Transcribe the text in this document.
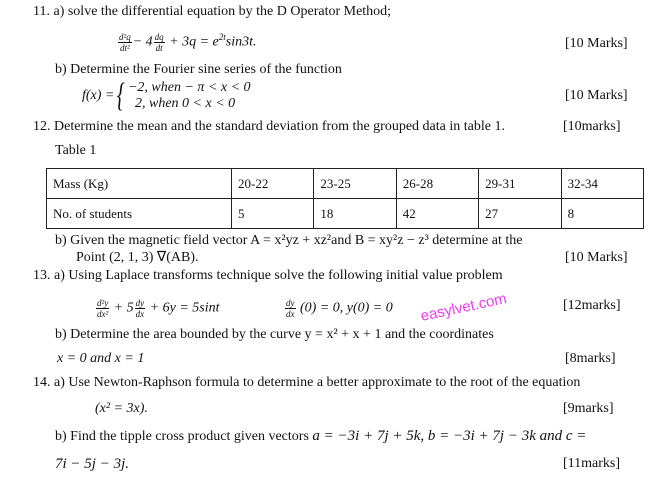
11. a) solve the differential equation by the D Operator Method;
$\frac{\text{d²q}}{\text{dt²}} - 4 \frac{dq}{dt} + 3q = e^{2t}\sin 3t$.	[10 Marks]
b) Determine the Fourier sine series of the function
f(x) ={ −2, when − π < x < 0
2, when 0 < x < 0
[10 Marks]
12. Determine the mean and the standard deviation from the grouped data in table 1.	[10marks]
Table 1
Mass (Kg)	20-22	23-25	26-28	29-31	32-34
No. of students	5	18	42	27	8
b) Given the magnetic field vector A = x²yz + xz²and B = xy²z − z³ determine at the
Point (2, 1, 3) ∇(AB).	[10 Marks]
13. a) Using Laplace transforms technique solve the following initial value problem
$\frac{\text{d²y}}{\text{dx²}} + 5 \frac{dy}{dx} + 6y = 5\sin t$	$\frac{dy}{dx} (0) = 0$, y(0) = 0	[12marks]
easylvet.com
b) Determine the area bounded by the curve y = x² + x + 1 and the coordinates
x = 0 and x = 1	[8marks]
14. a) Use Newton-Raphson formula to determine a better approximate to the root of the equation
(x² = 3x).	[9marks]
b) Find the tipple cross product given vectors a = −3i + 7j + 5k, b = −3i + 7j − 3k and c =
7i − 5j − 3j.	[11marks]
